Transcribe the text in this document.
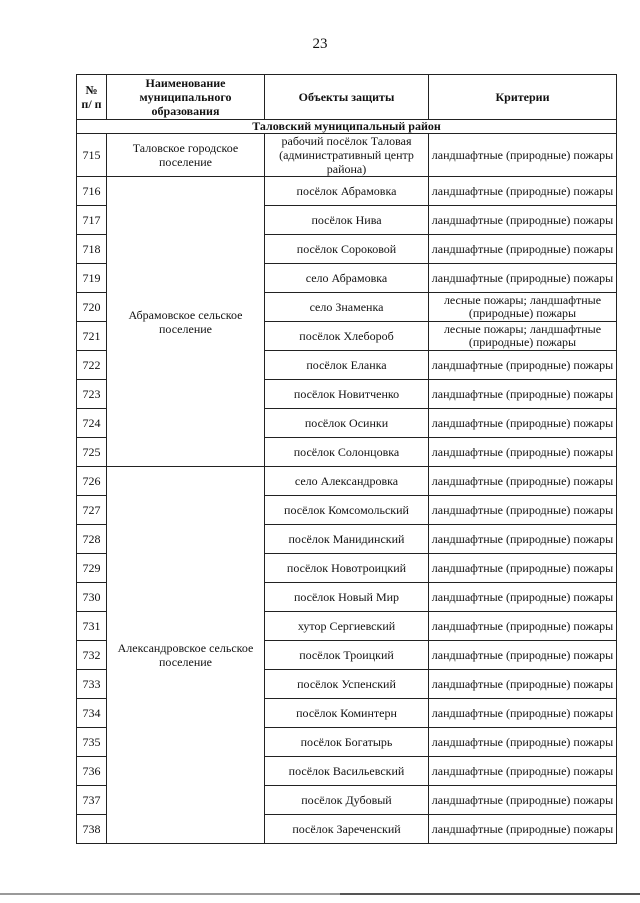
23
№ п/ п	Наименование муниципального образования	Объекты защиты	Критерии
Таловский муниципальный район			
715	Таловское городское поселение	рабочий посёлок Таловая (административный центр района)	ландшафтные (природные) пожары
716	Абрамовское сельское поселение	посёлок Абрамовка	ландшафтные (природные) пожары
717		посёлок Нива	ландшафтные (природные) пожары
718		посёлок Сороковой	ландшафтные (природные) пожары
719		село Абрамовка	ландшафтные (природные) пожары
720		село Знаменка	лесные пожары; ландшафтные (природные) пожары
721		посёлок Хлебороб	лесные пожары; ландшафтные (природные) пожары
722		посёлок Еланка	ландшафтные (природные) пожары
723		посёлок Новитченко	ландшафтные (природные) пожары
724		посёлок Осинки	ландшафтные (природные) пожары
725		посёлок Солонцовка	ландшафтные (природные) пожары
726	Александровское сельское поселение	село Александровка	ландшафтные (природные) пожары
727		посёлок Комсомольский	ландшафтные (природные) пожары
728		посёлок Манидинский	ландшафтные (природные) пожары
729		посёлок Новотроицкий	ландшафтные (природные) пожары
730		посёлок Новый Мир	ландшафтные (природные) пожары
731		хутор Сергиевский	ландшафтные (природные) пожары
732		посёлок Троицкий	ландшафтные (природные) пожары
733		посёлок Успенский	ландшафтные (природные) пожары
734		посёлок Коминтерн	ландшафтные (природные) пожары
735		посёлок Богатырь	ландшафтные (природные) пожары
736		посёлок Васильевский	ландшафтные (природные) пожары
737		посёлок Дубовый	ландшафтные (природные) пожары
738		посёлок Зареченский	ландшафтные (природные) пожары
